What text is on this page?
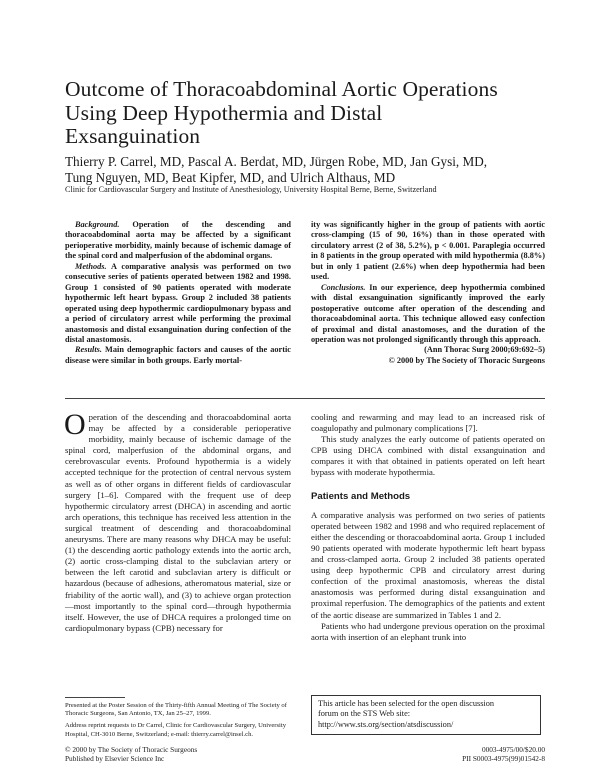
Outcome of Thoracoabdominal Aortic Operations
Using Deep Hypothermia and Distal
Exsanguination
Thierry P. Carrel, MD, Pascal A. Berdat, MD, Jürgen Robe, MD, Jan Gysi, MD,
Tung Nguyen, MD, Beat Kipfer, MD, and Ulrich Althaus, MD
Clinic for Cardiovascular Surgery and Institute of Anesthesiology, University Hospital Berne, Berne, Switzerland

Background. Operation of the descending and thoracoabdominal aorta may be affected by a significant perioperative morbidity, mainly because of ischemic damage of the spinal cord and malperfusion of the abdominal organs.

Methods. A comparative analysis was performed on two consecutive series of patients operated between 1982 and 1998. Group 1 consisted of 90 patients operated with moderate hypothermic left heart bypass. Group 2 included 38 patients operated using deep hypothermic cardiopulmonary bypass and a period of circulatory arrest while performing the proximal anastomosis and distal exsanguination during confection of the distal anastomosis.

Results. Main demographic factors and causes of the aortic disease were similar in both groups. Early mortal-

ity was significantly higher in the group of patients with aortic cross-clamping (15 of 90, 16%) than in those operated with circulatory arrest (2 of 38, 5.2%), p < 0.001. Paraplegia occurred in 8 patients in the group operated with mild hypothermia (8.8%) but in only 1 patient (2.6%) when deep hypothermia had been used.

Conclusions. In our experience, deep hypothermia combined with distal exsanguination significantly improved the early postoperative outcome after operation of the descending and thoracoabdominal aorta. This technique allowed easy confection of proximal and distal anastomoses, and the duration of the operation was not prolonged significantly through this approach.

(Ann Thorac Surg 2000;69:692–5)
© 2000 by The Society of Thoracic Surgeons

Operation of the descending and thoracoabdominal aorta may be affected by a considerable perioperative morbidity, mainly because of ischemic damage of the spinal cord, malperfusion of the abdominal organs, and cerebrovascular events. Profound hypothermia is a widely accepted technique for the protection of central nervous system as well as of other organs in different fields of cardiovascular surgery [1–6]. Compared with the frequent use of deep hypothermic circulatory arrest (DHCA) in ascending and aortic arch operations, this technique has received less attention in the surgical treatment of descending and thoracoabdominal aneurysms. There are many reasons why DHCA may be useful: (1) the descending aortic pathology extends into the aortic arch, (2) aortic cross-clamping distal to the subclavian artery or between the left carotid and subclavian artery is difficult or hazardous (because of adhesions, atheromatous material, size or friability of the aortic wall), and (3) to achieve organ protection—most importantly to the spinal cord—through hypothermia itself. However, the use of DHCA requires a prolonged time on cardiopulmonary bypass (CPB) necessary for

cooling and rewarming and may lead to an increased risk of coagulopathy and pulmonary complications [7].

This study analyzes the early outcome of patients operated on CPB using DHCA combined with distal exsanguination and compares it with that obtained in patients operated on left heart bypass with moderate hypothermia.

Patients and Methods

A comparative analysis was performed on two series of patients operated between 1982 and 1998 and who required replacement of either the descending or thoracoabdominal aorta. Group 1 included 90 patients operated with moderate hypothermic left heart bypass and cross-clamped aorta. Group 2 included 38 patients operated using deep hypothermic CPB and circulatory arrest during confection of the proximal anastomosis, whereas the distal anastomosis was performed during distal exsanguination and proximal reperfusion. The demographics of the patients and extent of the aortic disease are summarized in Tables 1 and 2.

Patients who had undergone previous operation on the proximal aorta with insertion of an elephant trunk into

Presented at the Poster Session of the Thirty-fifth Annual Meeting of The Society of Thoracic Surgeons, San Antonio, TX, Jan 25–27, 1999.

Address reprint requests to Dr Carrel, Clinic for Cardiovascular Surgery, University Hospital, CH-3010 Berne, Switzerland; e-mail: thierry.carrel@insel.ch.

This article has been selected for the open discussion
forum on the STS Web site:
http://www.sts.org/section/atsdiscussion/
© 2000 by The Society of Thoracic Surgeons
Published by Elsevier Science Inc
0003-4975/00/$20.00
PII S0003-4975(99)01542-8
